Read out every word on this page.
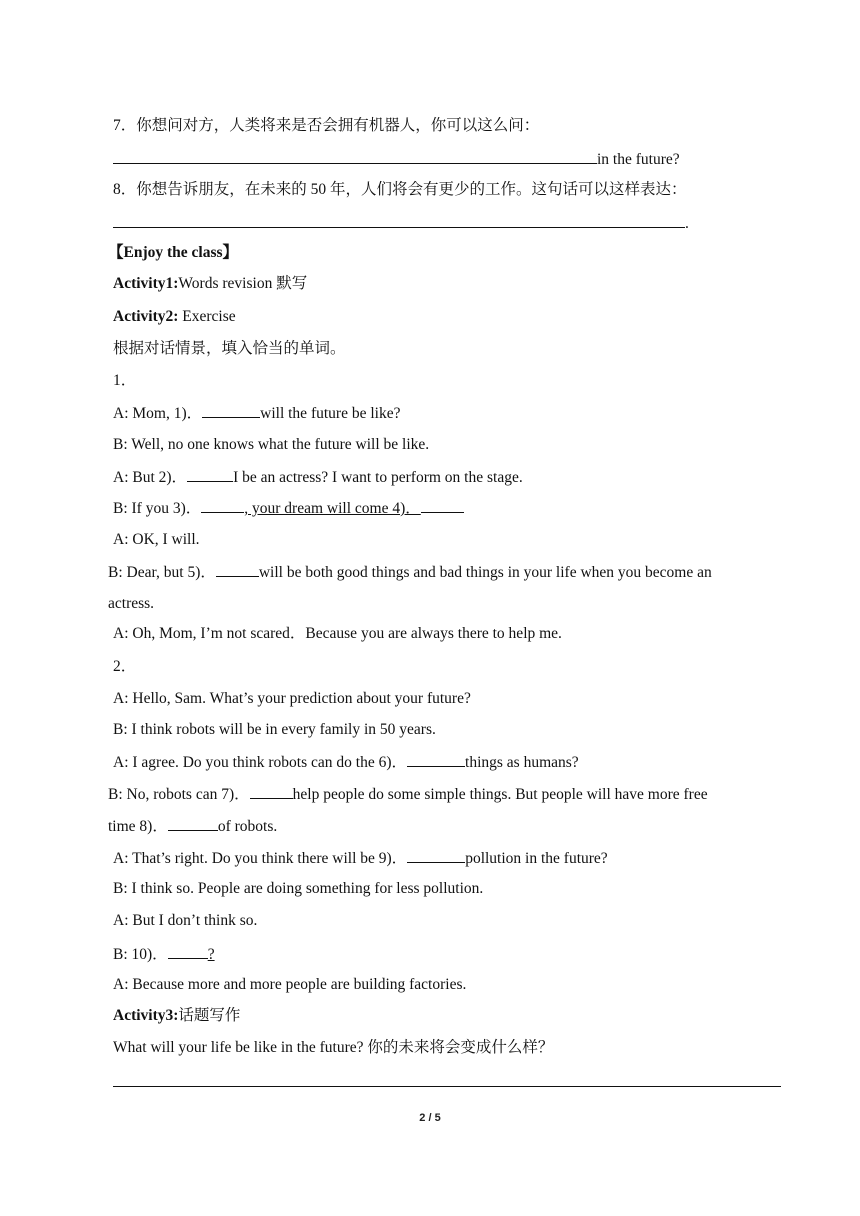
7．你想问对方，人类将来是否会拥有机器人，你可以这么问：
in the future?
8．你想告诉朋友，在未来的 50 年，人们将会有更少的工作。这句话可以这样表达：
.
【Enjoy the class】
Activity1:Words revision 默写
Activity2: Exercise
根据对话情景，填入恰当的单词。
1．
A: Mom, 1)．	will the future be like?
B: Well, no one knows what the future will be like.
A: But 2)．	I be an actress? I want to perform on the stage.
B: If you 3)．	, your dream will come 4)．
A: OK, I will.
B: Dear, but 5)．	will be both good things and bad things in your life when you become an
actress.
A: Oh, Mom, I’m not scared．Because you are always there to help me.
2．
A: Hello, Sam. What’s your prediction about your future?
B: I think robots will be in every family in 50 years.
A: I agree. Do you think robots can do the 6)．	things as humans?
B: No, robots can 7)．	help people do some simple things. But people will have more free
time 8)．	of robots.
A: That’s right. Do you think there will be 9)．	pollution in the future?
B: I think so. People are doing something for less pollution.
A: But I don’t think so.
B: 10)．	?
A: Because more and more people are building factories.
Activity3:话题写作
What will your life be like in the future? 你的未来将会变成什么样？
2 / 5
